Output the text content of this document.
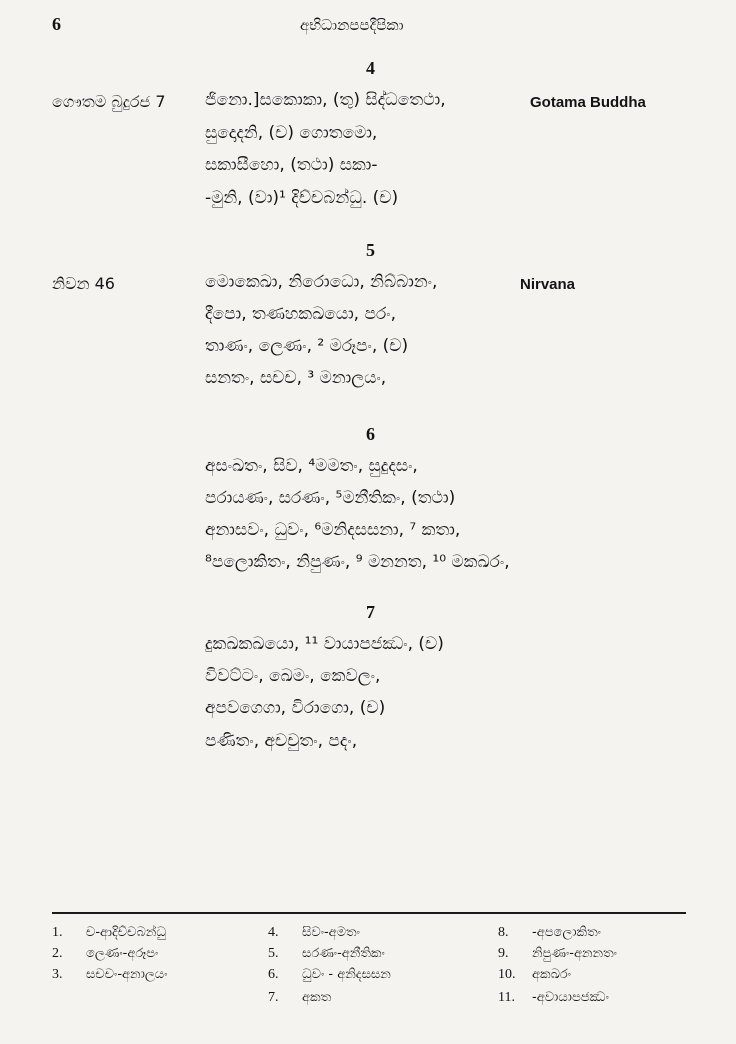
6	අභිධානපපදීපිකා
4
ගෞතම බුදුරජ 7 ජිනො.]සකොකා, (තු) සිද්ධතෙථා,	Gotama Buddha
සුදොදනි, (ච) ගොතමො,
සකාසීහො, (තථා) සකා-
-මුනි, (වා)¹ දිච්චබන්ධු. (ච)
5
නිවන 46	මොකෙඛා, නිරොධො, නිබ්බානං,	Nirvana
දීපො, තණහකඛයො, පරං,
තාණං, ලෙණං, ² මරූපං, (ච)
සනතං, සචච, ³ මනාලයං,
6
අසංඛතං, සිව, ⁴මමතං, සුදුදසං,
පරායණං, සරණං, ⁵මනීතිකං, (තථා)
අනාසවං, ධුවං, ⁶මනිදසසනා, ⁷ කතා,
⁸පලොකිතං, නිපුණං, ⁹ මනනත, ¹⁰ මකඛරං,
7
දුකඛකඛයො, ¹¹ වායාපජඣං, (ච)
විවට්ටං, ඛෙමං, කෙවලං,
අපවගෙගා, විරාගො, (ච)
පණිතං, අචචුතං, පදං,
1. ච-ආදිච්චබන්ධු
2. ලෙණං-අරූපං
3. සචචං-අනාලයං
4. සිවං-අමතං
5. සරණං-අනීතිකං
6. ධුවං - අනිදසසන
7. අකත
8. -අපලොකිතං
9. නිපුණං-අනනතං
10. අකඛරං
11. -අවායාපජඣං
